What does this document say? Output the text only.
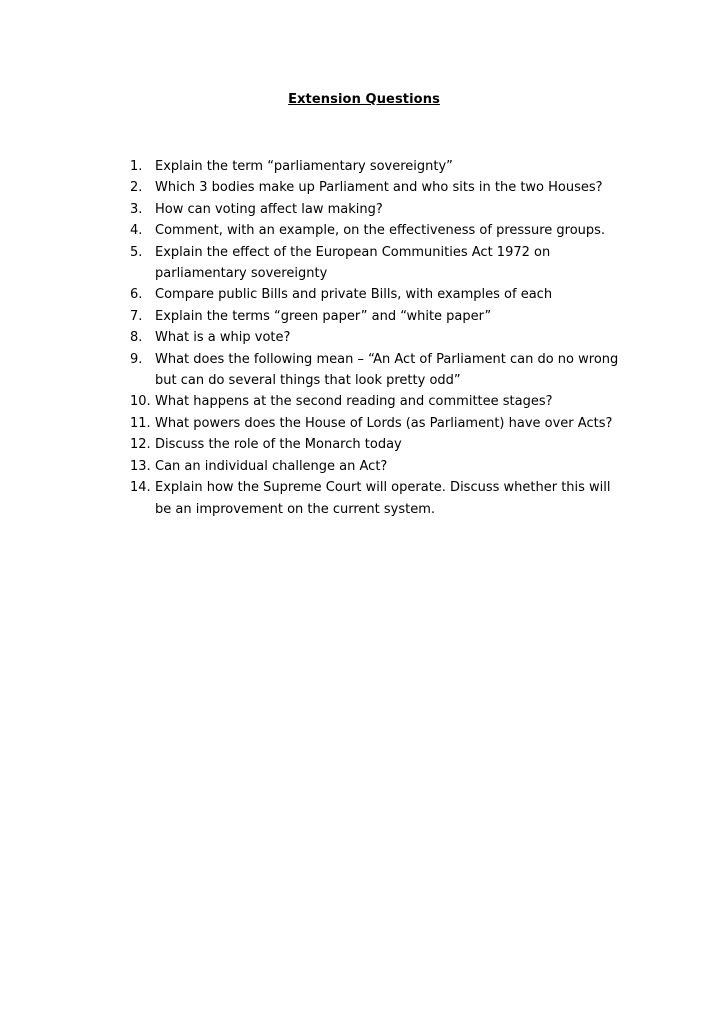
Extension Questions
1. Explain the term “parliamentary sovereignty”
2. Which 3 bodies make up Parliament and who sits in the two Houses?
3. How can voting affect law making?
4. Comment, with an example, on the effectiveness of pressure groups.
5. Explain the effect of the European Communities Act 1972 on
parliamentary sovereignty
6. Compare public Bills and private Bills, with examples of each
7. Explain the terms “green paper” and “white paper”
8. What is a whip vote?
9. What does the following mean – “An Act of Parliament can do no wrong
but can do several things that look pretty odd”
10. What happens at the second reading and committee stages?
11. What powers does the House of Lords (as Parliament) have over Acts?
12. Discuss the role of the Monarch today
13. Can an individual challenge an Act?
14. Explain how the Supreme Court will operate. Discuss whether this will
be an improvement on the current system.
